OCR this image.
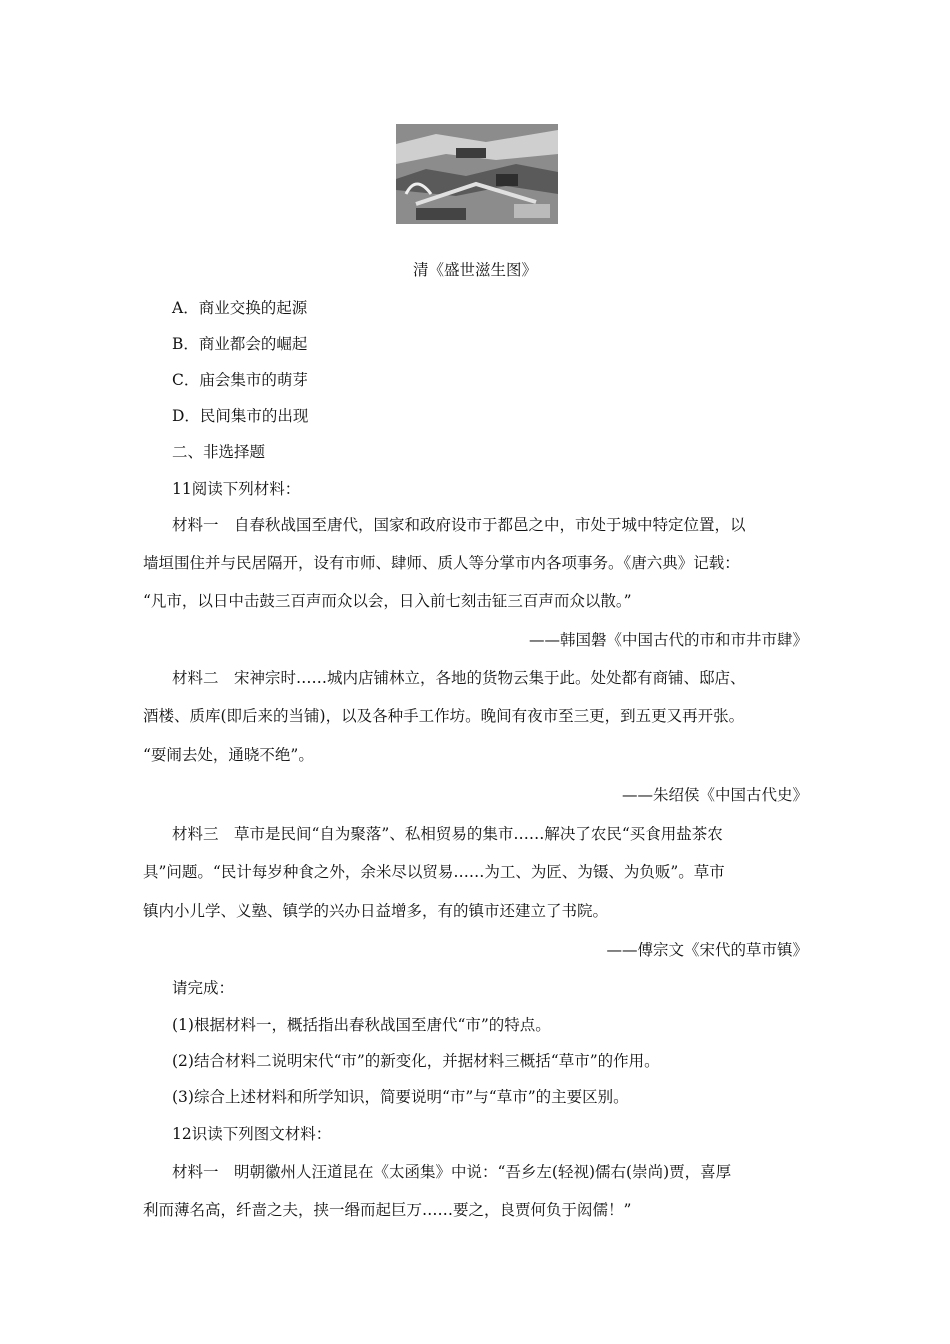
清《盛世滋生图》
A．商业交换的起源
B．商业都会的崛起
C．庙会集市的萌芽
D．民间集市的出现
二、非选择题
11阅读下列材料：
材料一　自春秋战国至唐代，国家和政府设市于都邑之中，市处于城中特定位置，以
墙垣围住并与民居隔开，设有市师、肆师、质人等分掌市内各项事务。《唐六典》记载：
“凡市，以日中击鼓三百声而众以会，日入前七刻击钲三百声而众以散。”
——韩国磐《中国古代的市和市井市肆》
材料二　宋神宗时……城内店铺林立，各地的货物云集于此。处处都有商铺、邸店、
酒楼、质库(即后来的当铺)，以及各种手工作坊。晚间有夜市至三更，到五更又再开张。
“耍闹去处，通晓不绝”。
——朱绍侯《中国古代史》
材料三　草市是民间“自为聚落”、私相贸易的集市……解决了农民“买食用盐茶农
具”问题。“民计每岁种食之外，余米尽以贸易……为工、为匠、为镊、为负贩”。草市
镇内小儿学、义塾、镇学的兴办日益增多，有的镇市还建立了书院。
——傅宗文《宋代的草市镇》
请完成：
(1)根据材料一，概括指出春秋战国至唐代“市”的特点。
(2)结合材料二说明宋代“市”的新变化，并据材料三概括“草市”的作用。
(3)综合上述材料和所学知识，简要说明“市”与“草市”的主要区别。
12识读下列图文材料：
材料一　明朝徽州人汪道昆在《太函集》中说：“吾乡左(轻视)儒右(崇尚)贾，喜厚
利而薄名高，纤啬之夫，挟一缗而起巨万……要之，良贾何负于闳儒！”
